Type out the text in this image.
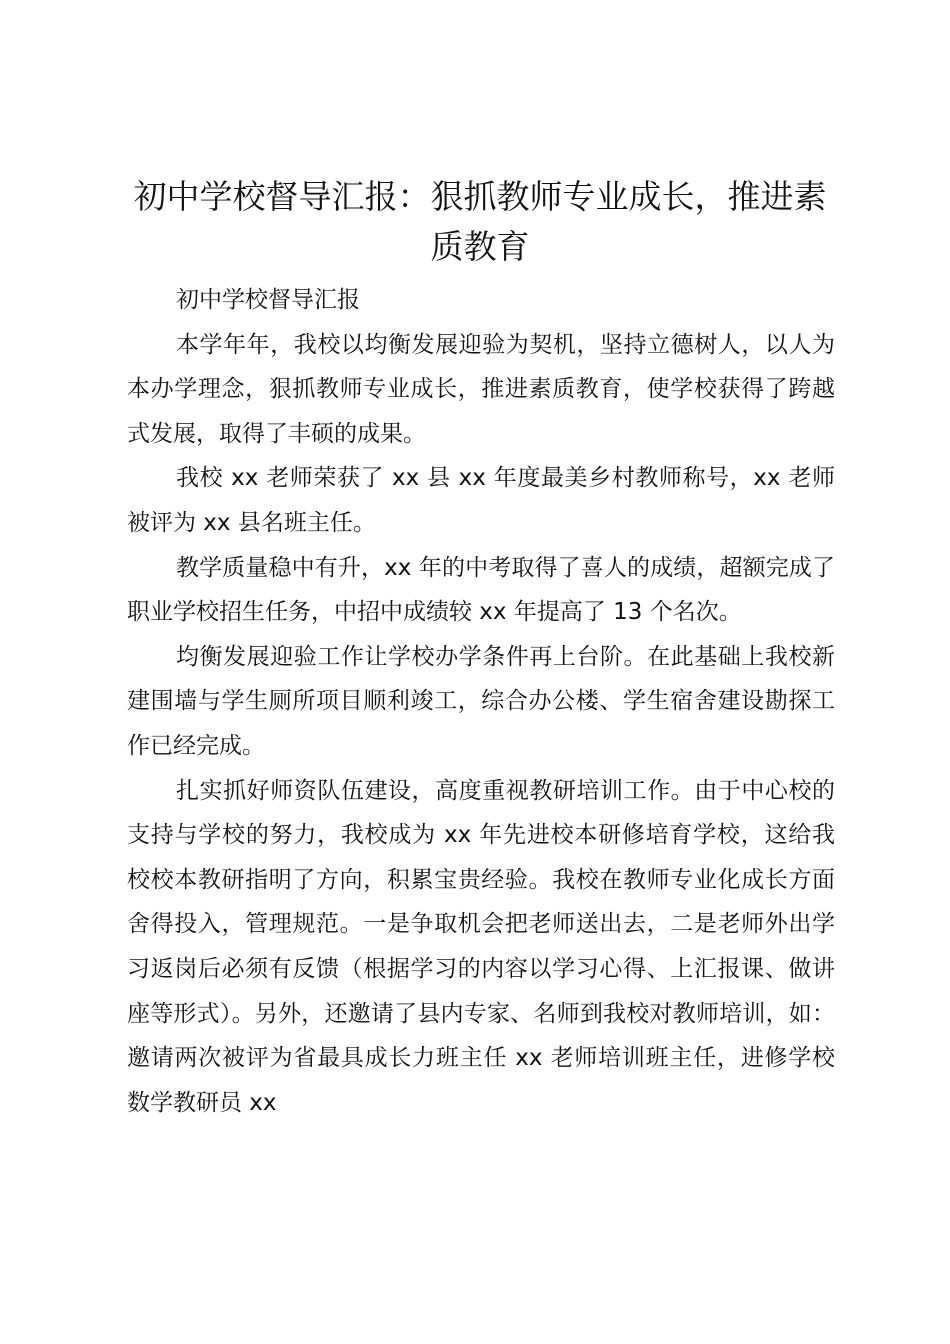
初中学校督导汇报：狠抓教师专业成长，推进素质教育

初中学校督导汇报

本学年年，我校以均衡发展迎验为契机，坚持立德树人，以人为本办学理念，狠抓教师专业成长，推进素质教育，使学校获得了跨越式发展，取得了丰硕的成果。

我校 xx 老师荣获了 xx 县 xx 年度最美乡村教师称号，xx 老师被评为 xx 县名班主任。

教学质量稳中有升，xx 年的中考取得了喜人的成绩，超额完成了职业学校招生任务，中招中成绩较 xx 年提高了 13 个名次。

均衡发展迎验工作让学校办学条件再上台阶。在此基础上我校新建围墙与学生厕所项目顺利竣工，综合办公楼、学生宿舍建设勘探工作已经完成。

扎实抓好师资队伍建设，高度重视教研培训工作。由于中心校的支持与学校的努力，我校成为 xx 年先进校本研修培育学校，这给我校校本教研指明了方向，积累宝贵经验。我校在教师专业化成长方面舍得投入，管理规范。一是争取机会把老师送出去，二是老师外出学习返岗后必须有反馈（根据学习的内容以学习心得、上汇报课、做讲座等形式）。另外，还邀请了县内专家、名师到我校对教师培训，如：邀请两次被评为省最具成长力班主任 xx 老师培训班主任，进修学校数学教研员 xx
